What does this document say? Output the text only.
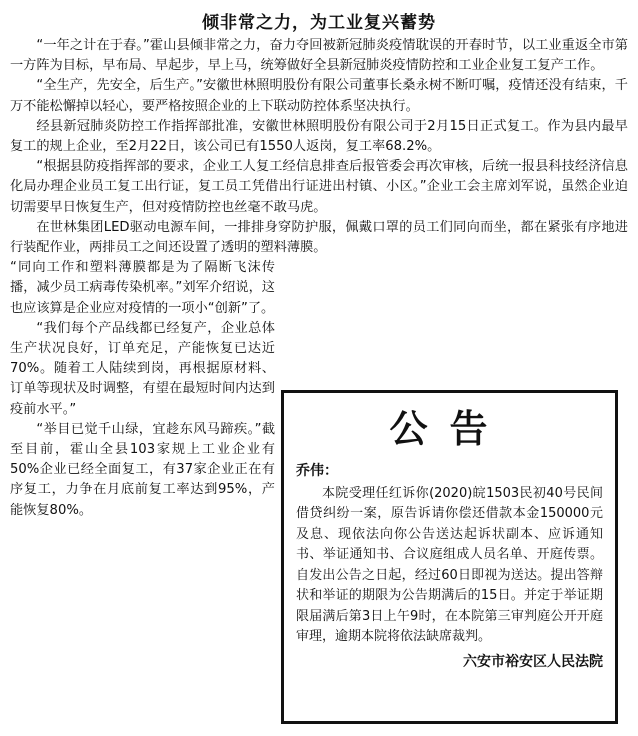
倾非常之力，为工业复兴蓄势

“一年之计在于春。”霍山县倾非常之力，奋力夺回被新冠肺炎疫情耽误的开春时节，以工业重返全市第一方阵为目标，早布局、早起步，早上马，统筹做好全县新冠肺炎疫情防控和工业企业复工复产工作。

“全生产，先安全，后生产。”安徽世林照明股份有限公司董事长桑永树不断叮嘱，疫情还没有结束，千万不能松懈掉以轻心，要严格按照企业的上下联动防控体系坚决执行。

经县新冠肺炎防控工作指挥部批准，安徽世林照明股份有限公司于2月15日正式复工。作为县内最早复工的规上企业，至2月22日，该公司已有1550人返岗，复工率68.2%。

“根据县防疫指挥部的要求，企业工人复工经信息排查后报管委会再次审核，后统一报县科技经济信息化局办理企业员工复工出行证，复工员工凭借出行证进出村镇、小区。”企业工会主席刘军说，虽然企业迫切需要早日恢复生产，但对疫情防控也丝毫不敢马虎。

在世林集团LED驱动电源车间，一排排身穿防护服，佩戴口罩的员工们同向而坐，都在紧张有序地进行装配作业，两排员工之间还设置了透明的塑料薄膜。

“同向工作和塑料薄膜都是为了隔断飞沫传播，减少员工病毒传染机率。”刘军介绍说，这也应该算是企业应对疫情的一项小“创新”了。

“我们每个产品线都已经复产，企业总体生产状况良好，订单充足，产能恢复已达近70%。随着工人陆续到岗，再根据原材料、订单等现状及时调整，有望在最短时间内达到疫前水平。”

“举目已觉千山绿，宜趁东风马蹄疾。”截至目前，霍山全县103家规上工业企业有50%企业已经全面复工，有37家企业正在有序复工，力争在月底前复工率达到95%，产能恢复80%。

公告
乔伟：

本院受理任红诉你(2020)皖1503民初40号民间借贷纠纷一案，原告诉请你偿还借款本金150000元及息、现依法向你公告送达起诉状副本、应诉通知书、举证通知书、合议庭组成人员名单、开庭传票。自发出公告之日起，经过60日即视为送达。提出答辩状和举证的期限为公告期满后的15日。并定于举证期限届满后第3日上午9时，在本院第三审判庭公开开庭审理，逾期本院将依法缺席裁判。

六安市裕安区人民法院
